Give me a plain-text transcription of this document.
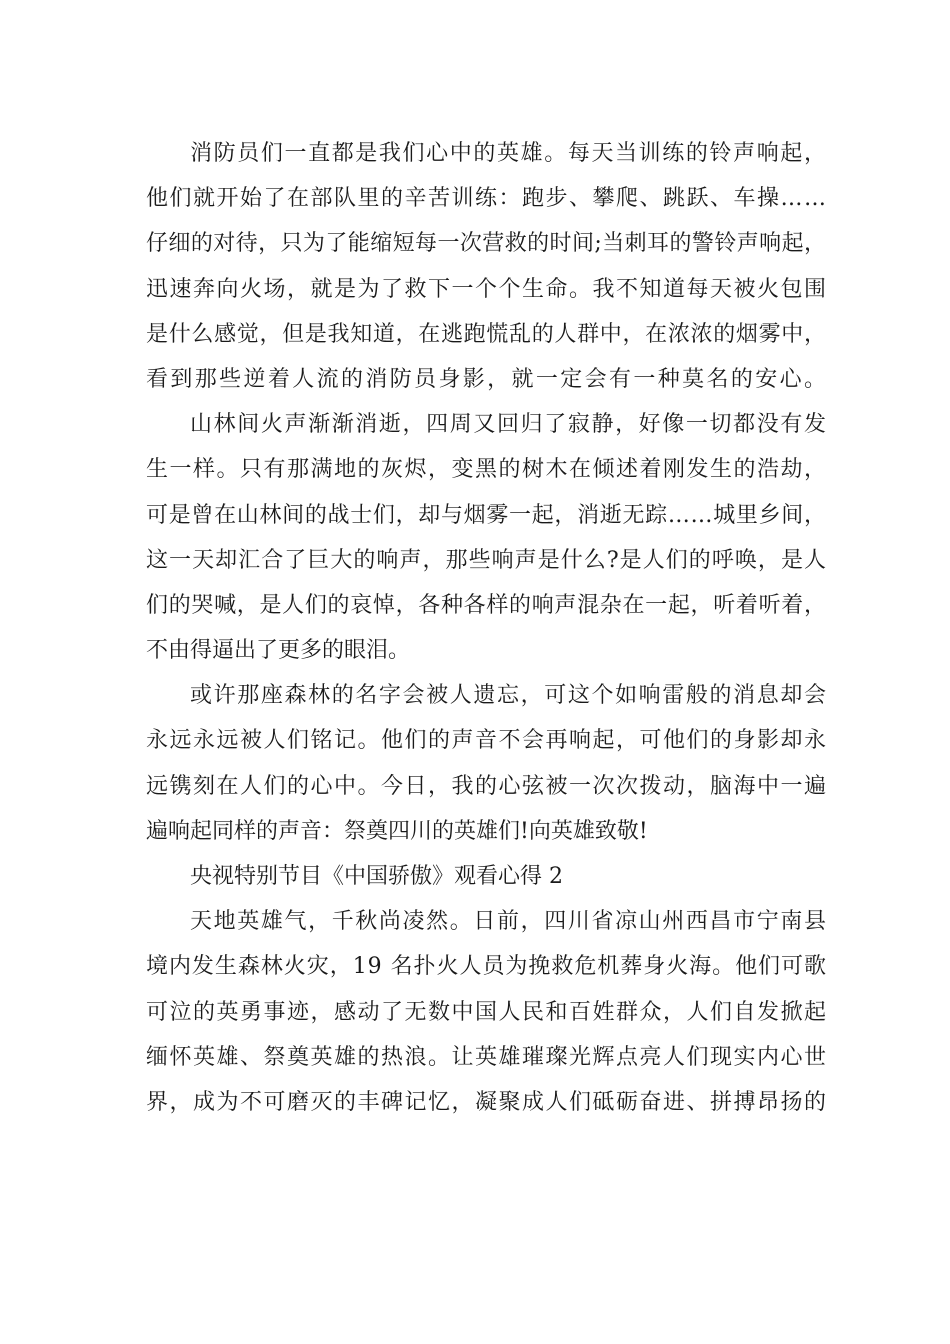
消防员们一直都是我们心中的英雄。每天当训练的铃声响起，
他们就开始了在部队里的辛苦训练：跑步、攀爬、跳跃、车操……
仔细的对待，只为了能缩短每一次营救的时间;当刺耳的警铃声响起，
迅速奔向火场，就是为了救下一个个生命。我不知道每天被火包围
是什么感觉，但是我知道，在逃跑慌乱的人群中，在浓浓的烟雾中，
看到那些逆着人流的消防员身影，就一定会有一种莫名的安心。
山林间火声渐渐消逝，四周又回归了寂静，好像一切都没有发
生一样。只有那满地的灰烬，变黑的树木在倾述着刚发生的浩劫，
可是曾在山林间的战士们，却与烟雾一起，消逝无踪……城里乡间，
这一天却汇合了巨大的响声，那些响声是什么?是人们的呼唤，是人
们的哭喊，是人们的哀悼，各种各样的响声混杂在一起，听着听着，
不由得逼出了更多的眼泪。
或许那座森林的名字会被人遗忘，可这个如响雷般的消息却会
永远永远被人们铭记。他们的声音不会再响起，可他们的身影却永
远镌刻在人们的心中。今日，我的心弦被一次次拨动，脑海中一遍
遍响起同样的声音：祭奠四川的英雄们!向英雄致敬!
央视特别节目《中国骄傲》观看心得 2
天地英雄气，千秋尚凌然。日前，四川省凉山州西昌市宁南县
境内发生森林火灾，19 名扑火人员为挽救危机葬身火海。他们可歌
可泣的英勇事迹，感动了无数中国人民和百姓群众，人们自发掀起
缅怀英雄、祭奠英雄的热浪。让英雄璀璨光辉点亮人们现实内心世
界，成为不可磨灭的丰碑记忆，凝聚成人们砥砺奋进、拼搏昂扬的
